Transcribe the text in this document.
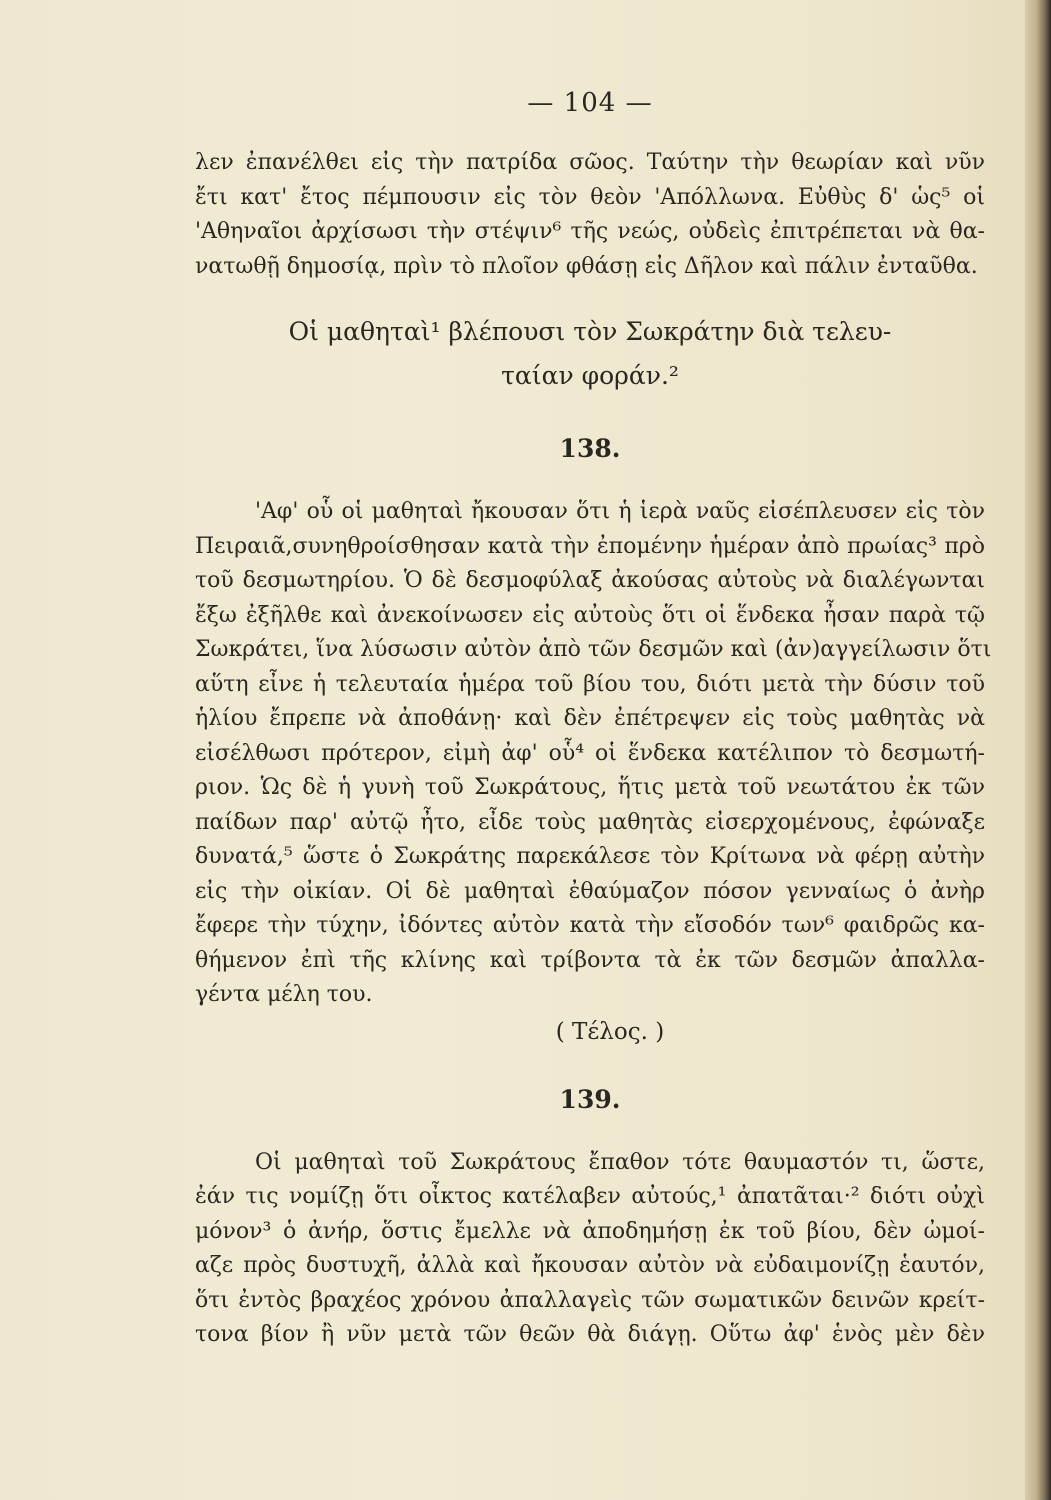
— 104 —

λεν ἐπανέλθει εἰς τὴν πατρίδα σῶος. Ταύτην τὴν θεωρίαν καὶ νῦν

ἔτι κατ' ἔτος πέμπουσιν εἰς τὸν θεὸν 'Απόλλωνα. Εὐθὺς δ' ὡς⁵ οἱ

'Αθηναῖοι ἀρχίσωσι τὴν στέψιν⁶ τῆς νεώς, οὐδεὶς ἐπιτρέπεται νὰ θα-

νατωθῇ δημοσίᾳ, πρὶν τὸ πλοῖον φθάσῃ εἰς Δῆλον καὶ πάλιν ἐνταῦθα.

Οἱ μαθηταὶ¹ βλέπουσι τὸν Σωκράτην διὰ τελευ-
ταίαν φοράν.²
138.

'Αφ' οὗ οἱ μαθηταὶ ἤκουσαν ὅτι ἡ ἱερὰ ναῦς εἰσέπλευσεν εἰς τὸν

Πειραιᾶ,συνηθροίσθησαν κατὰ τὴν ἐπομένην ἡμέραν ἀπὸ πρωίας³ πρὸ

τοῦ δεσμωτηρίου. Ὁ δὲ δεσμοφύλαξ ἀκούσας αὐτοὺς νὰ διαλέγωνται

ἔξω ἐξῆλθε καὶ ἀνεκοίνωσεν εἰς αὐτοὺς ὅτι οἱ ἕνδεκα ἦσαν παρὰ τῷ

Σωκράτει, ἵνα λύσωσιν αὐτὸν ἀπὸ τῶν δεσμῶν καὶ (ἀν)αγγείλωσιν ὅτι

αὕτη εἶνε ἡ τελευταία ἡμέρα τοῦ βίου του, διότι μετὰ τὴν δύσιν τοῦ

ἡλίου ἔπρεπε νὰ ἀποθάνῃ· καὶ δὲν ἐπέτρεψεν εἰς τοὺς μαθητὰς νὰ

εἰσέλθωσι πρότερον, εἰμὴ ἀφ' οὗ⁴ οἱ ἕνδεκα κατέλιπον τὸ δεσμωτή-

ριον. Ὡς δὲ ἡ γυνὴ τοῦ Σωκράτους, ἥτις μετὰ τοῦ νεωτάτου ἐκ τῶν

παίδων παρ' αὐτῷ ἦτο, εἶδε τοὺς μαθητὰς εἰσερχομένους, ἐφώναξε

δυνατά,⁵ ὥστε ὁ Σωκράτης παρεκάλεσε τὸν Κρίτωνα νὰ φέρῃ αὐτὴν

εἰς τὴν οἰκίαν. Οἱ δὲ μαθηταὶ ἐθαύμαζον πόσον γενναίως ὁ ἀνὴρ

ἔφερε τὴν τύχην, ἰδόντες αὐτὸν κατὰ τὴν εἴσοδόν των⁶ φαιδρῶς κα-

θήμενον ἐπὶ τῆς κλίνης καὶ τρίβοντα τὰ ἐκ τῶν δεσμῶν ἀπαλλα-

γέντα μέλη του.

( Τέλος. )
139.

Οἱ μαθηταὶ τοῦ Σωκράτους ἔπαθον τότε θαυμαστόν τι, ὥστε,

ἐάν τις νομίζῃ ὅτι οἶκτος κατέλαβεν αὐτούς,¹ ἀπατᾶται·² διότι οὐχὶ

μόνον³ ὁ ἀνήρ, ὅστις ἔμελλε νὰ ἀποδημήσῃ ἐκ τοῦ βίου, δὲν ὠμοί-

αζε πρὸς δυστυχῆ, ἀλλὰ καὶ ἤκουσαν αὐτὸν νὰ εὐδαιμονίζῃ ἑαυτόν,

ὅτι ἐντὸς βραχέος χρόνου ἀπαλλαγεὶς τῶν σωματικῶν δεινῶν κρείτ-

τονα βίον ἢ νῦν μετὰ τῶν θεῶν θὰ διάγῃ. Οὕτω ἀφ' ἑνὸς μὲν δὲν
